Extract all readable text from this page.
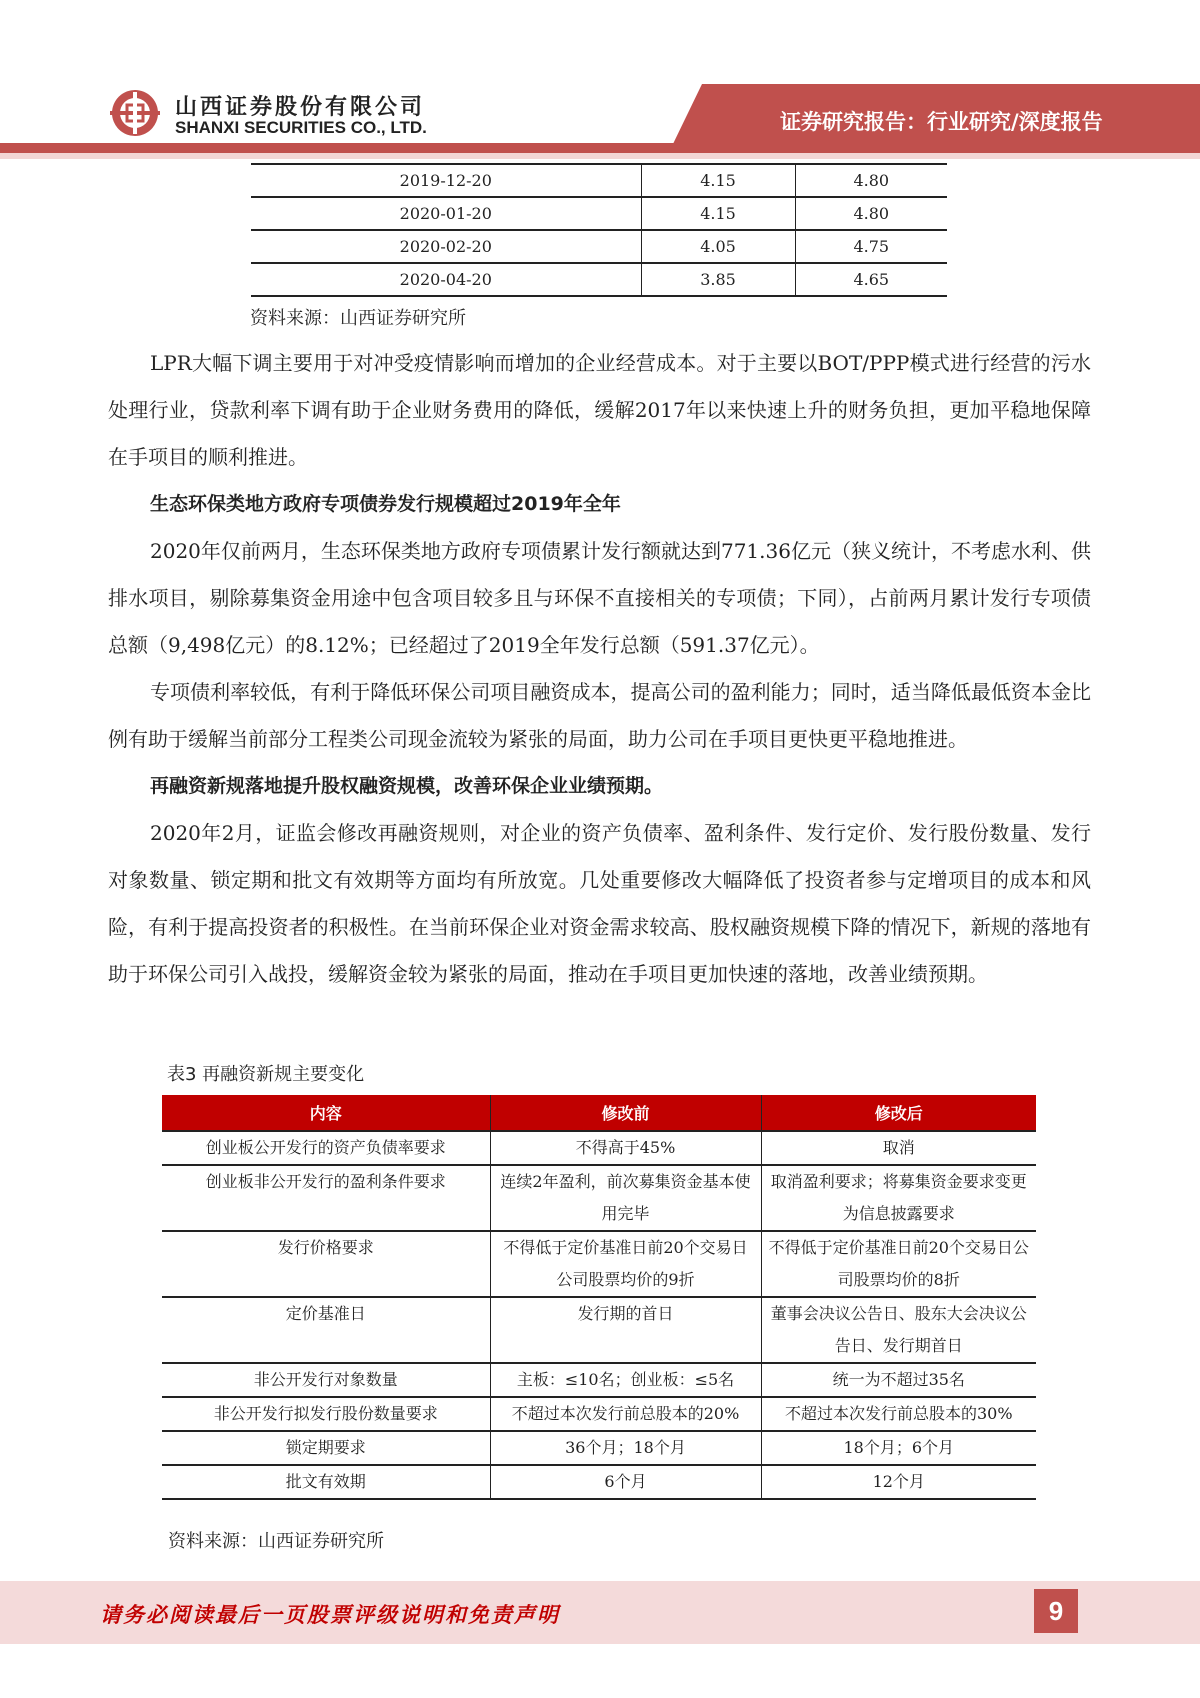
山西证券股份有限公司
SHANXI SECURITIES CO., LTD.	证券研究报告：行业研究/深度报告
2019-12-20	4.15	4.80
2020-01-20	4.15	4.80
2020-02-20	4.05	4.75
2020-04-20	3.85	4.65
资料来源：山西证券研究所

LPR大幅下调主要用于对冲受疫情影响而增加的企业经营成本。对于主要以BOT/PPP模式进行经营的污水处理行业，贷款利率下调有助于企业财务费用的降低，缓解2017年以来快速上升的财务负担，更加平稳地保障在手项目的顺利推进。

生态环保类地方政府专项债券发行规模超过2019年全年

2020年仅前两月，生态环保类地方政府专项债累计发行额就达到771.36亿元（狭义统计，不考虑水利、供排水项目，剔除募集资金用途中包含项目较多且与环保不直接相关的专项债；下同），占前两月累计发行专项债总额（9,498亿元）的8.12%；已经超过了2019全年发行总额（591.37亿元）。

专项债利率较低，有利于降低环保公司项目融资成本，提高公司的盈利能力；同时，适当降低最低资本金比例有助于缓解当前部分工程类公司现金流较为紧张的局面，助力公司在手项目更快更平稳地推进。

再融资新规落地提升股权融资规模，改善环保企业业绩预期。

2020年2月，证监会修改再融资规则，对企业的资产负债率、盈利条件、发行定价、发行股份数量、发行对象数量、锁定期和批文有效期等方面均有所放宽。几处重要修改大幅降低了投资者参与定增项目的成本和风险，有利于提高投资者的积极性。在当前环保企业对资金需求较高、股权融资规模下降的情况下，新规的落地有助于环保公司引入战投，缓解资金较为紧张的局面，推动在手项目更加快速的落地，改善业绩预期。

表3 再融资新规主要变化
内容	修改前	修改后
创业板公开发行的资产负债率要求	不得高于45%	取消
创业板非公开发行的盈利条件要求	连续2年盈利，前次募集资金基本使用完毕	取消盈利要求；将募集资金要求变更为信息披露要求
发行价格要求	不得低于定价基准日前20个交易日公司股票均价的9折	不得低于定价基准日前20个交易日公司股票均价的8折
定价基准日	发行期的首日	董事会决议公告日、股东大会决议公告日、发行期首日
非公开发行对象数量	主板：≤10名；创业板：≤5名	统一为不超过35名
非公开发行拟发行股份数量要求	不超过本次发行前总股本的20%	不超过本次发行前总股本的30%
锁定期要求	36个月；18个月	18个月；6个月
批文有效期	6个月	12个月
资料来源：山西证券研究所
请务必阅读最后一页股票评级说明和免责声明	9
